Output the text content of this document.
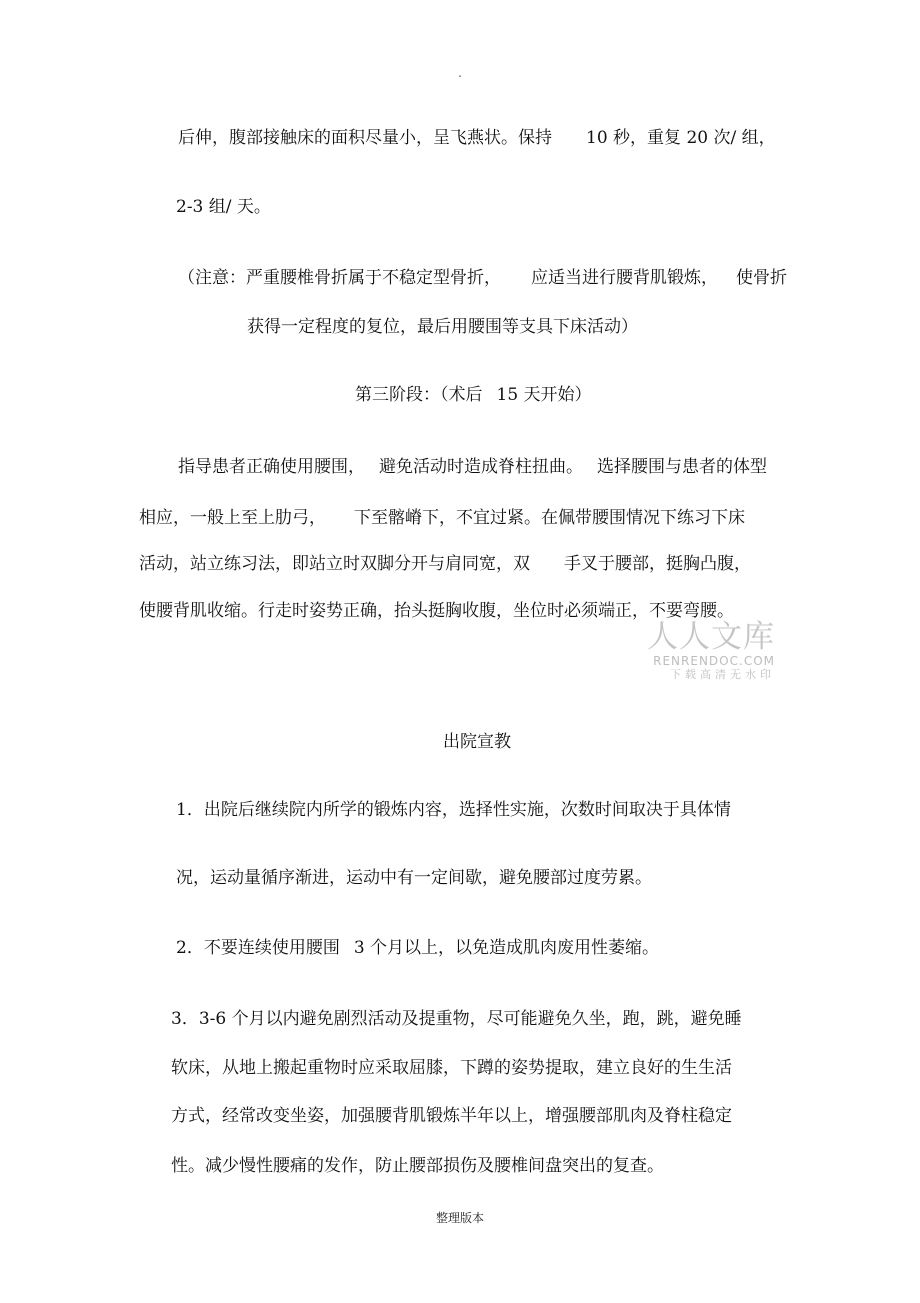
.
后伸，腹部接触床的面积尽量小，呈飞燕状。保持 10 秒，重复 20 次/ 组，
2-3 组/ 天。
（注意：严重腰椎骨折属于不稳定型骨折， 应适当进行腰背肌锻炼， 使骨折
获得一定程度的复位，最后用腰围等支具下床活动）
第三阶段：（术后 15 天开始）
指导患者正确使用腰围， 避免活动时造成脊柱扭曲。 选择腰围与患者的体型
相应，一般上至上肋弓， 下至髂嵴下，不宜过紧。在佩带腰围情况下练习下床
活动，站立练习法，即站立时双脚分开与肩同宽，双 手叉于腰部，挺胸凸腹，
使腰背肌收缩。行走时姿势正确，抬头挺胸收腹，坐位时必须端正，不要弯腰。
人人文库
RENRENDOC.COM
下载高清无水印
出院宣教
1．出院后继续院内所学的锻炼内容，选择性实施，次数时间取决于具体情
况，运动量循序渐进，运动中有一定间歇，避免腰部过度劳累。
2．不要连续使用腰围 3 个月以上，以免造成肌肉废用性萎缩。
3．3-6 个月以内避免剧烈活动及提重物，尽可能避免久坐，跑，跳，避免睡
软床，从地上搬起重物时应采取屈膝，下蹲的姿势提取，建立良好的生生活
方式，经常改变坐姿，加强腰背肌锻炼半年以上，增强腰部肌肉及脊柱稳定
性。减少慢性腰痛的发作，防止腰部损伤及腰椎间盘突出的复查。
整理版本
